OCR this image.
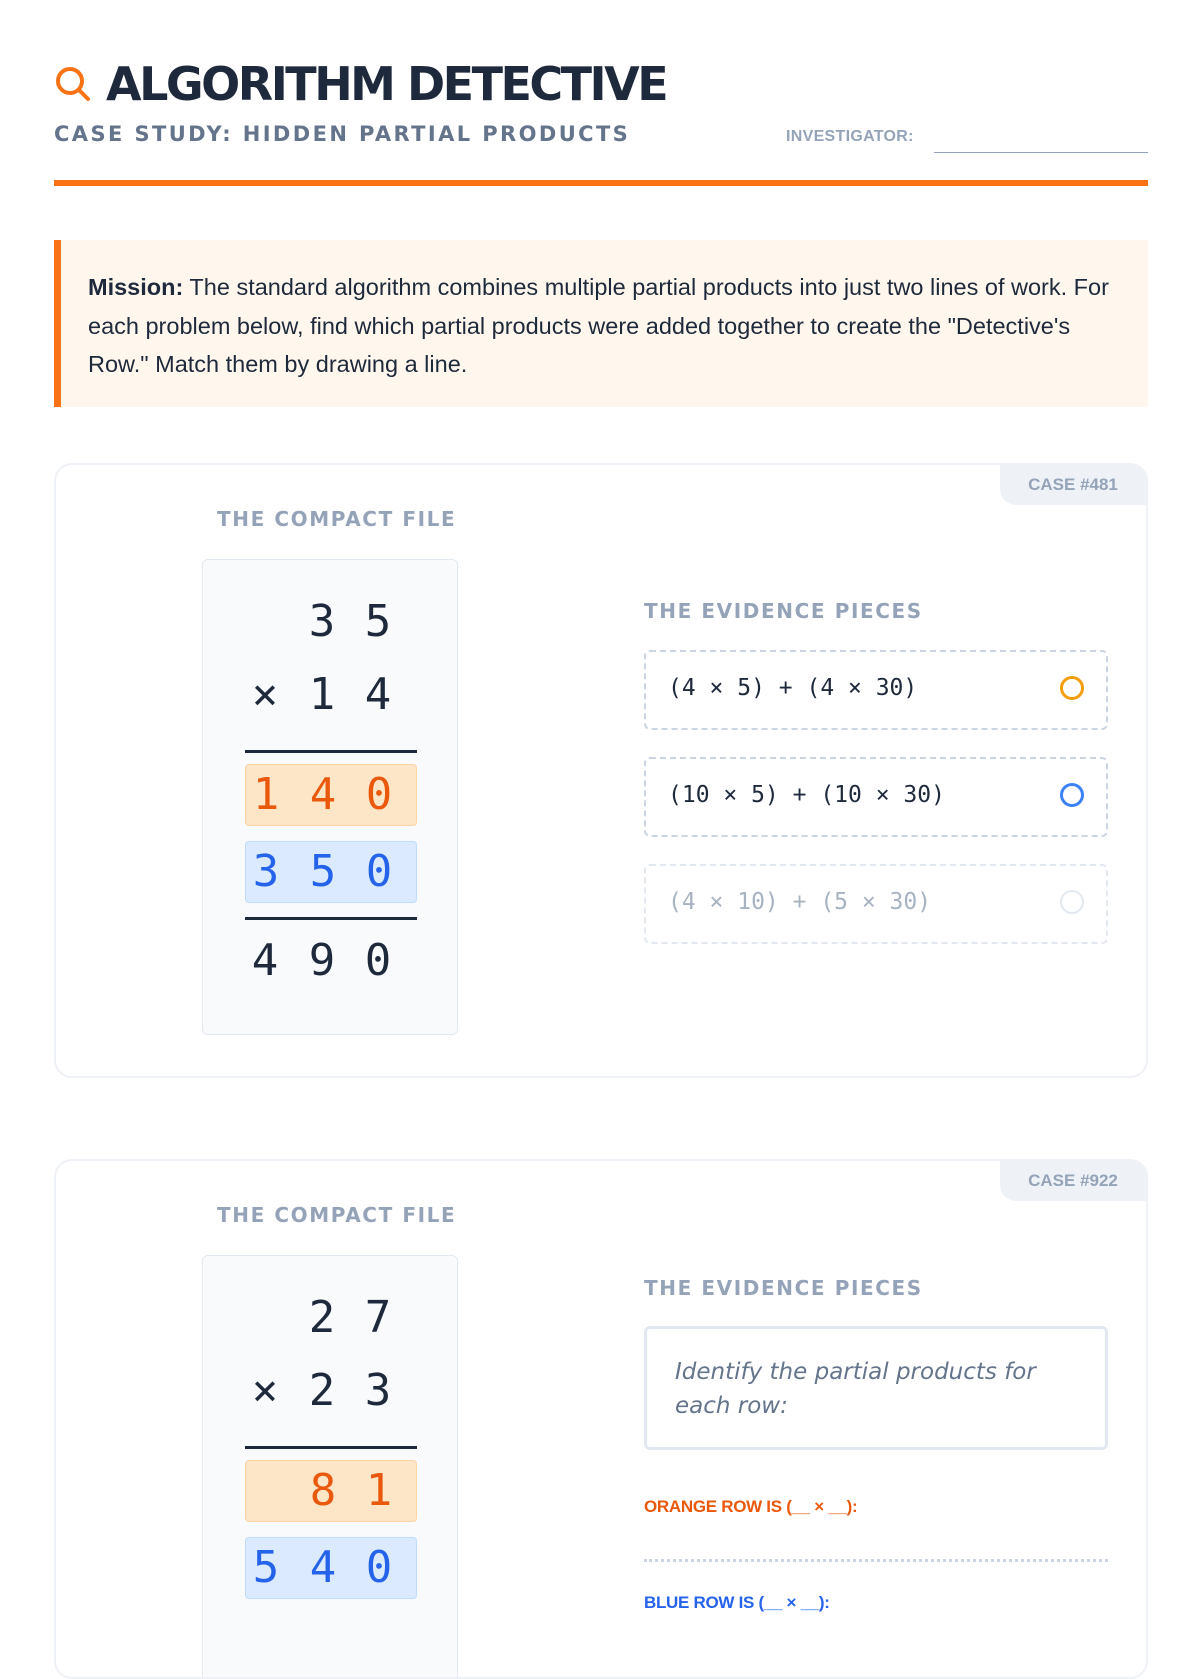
ALGORITHM DETECTIVE
CASE STUDY: HIDDEN PARTIAL PRODUCTS	INVESTIGATOR:

Mission: The standard algorithm combines multiple partial products into just two lines of work. For each problem below, find which partial products were added together to create the "Detective's Row." Match them by drawing a line.

CASE #481
THE COMPACT FILE
3 5
× 1 4
1 4 0
3 5 0
4 9 0
THE EVIDENCE PIECES
(4 × 5) + (4 × 30)
(10 × 5) + (10 × 30)
(4 × 10) + (5 × 30)
CASE #922
THE COMPACT FILE
2 7
× 2 3
8 1
5 4 0
THE EVIDENCE PIECES
Identify the partial products for each row:
ORANGE ROW IS (__ × __):
BLUE ROW IS (__ × __):
